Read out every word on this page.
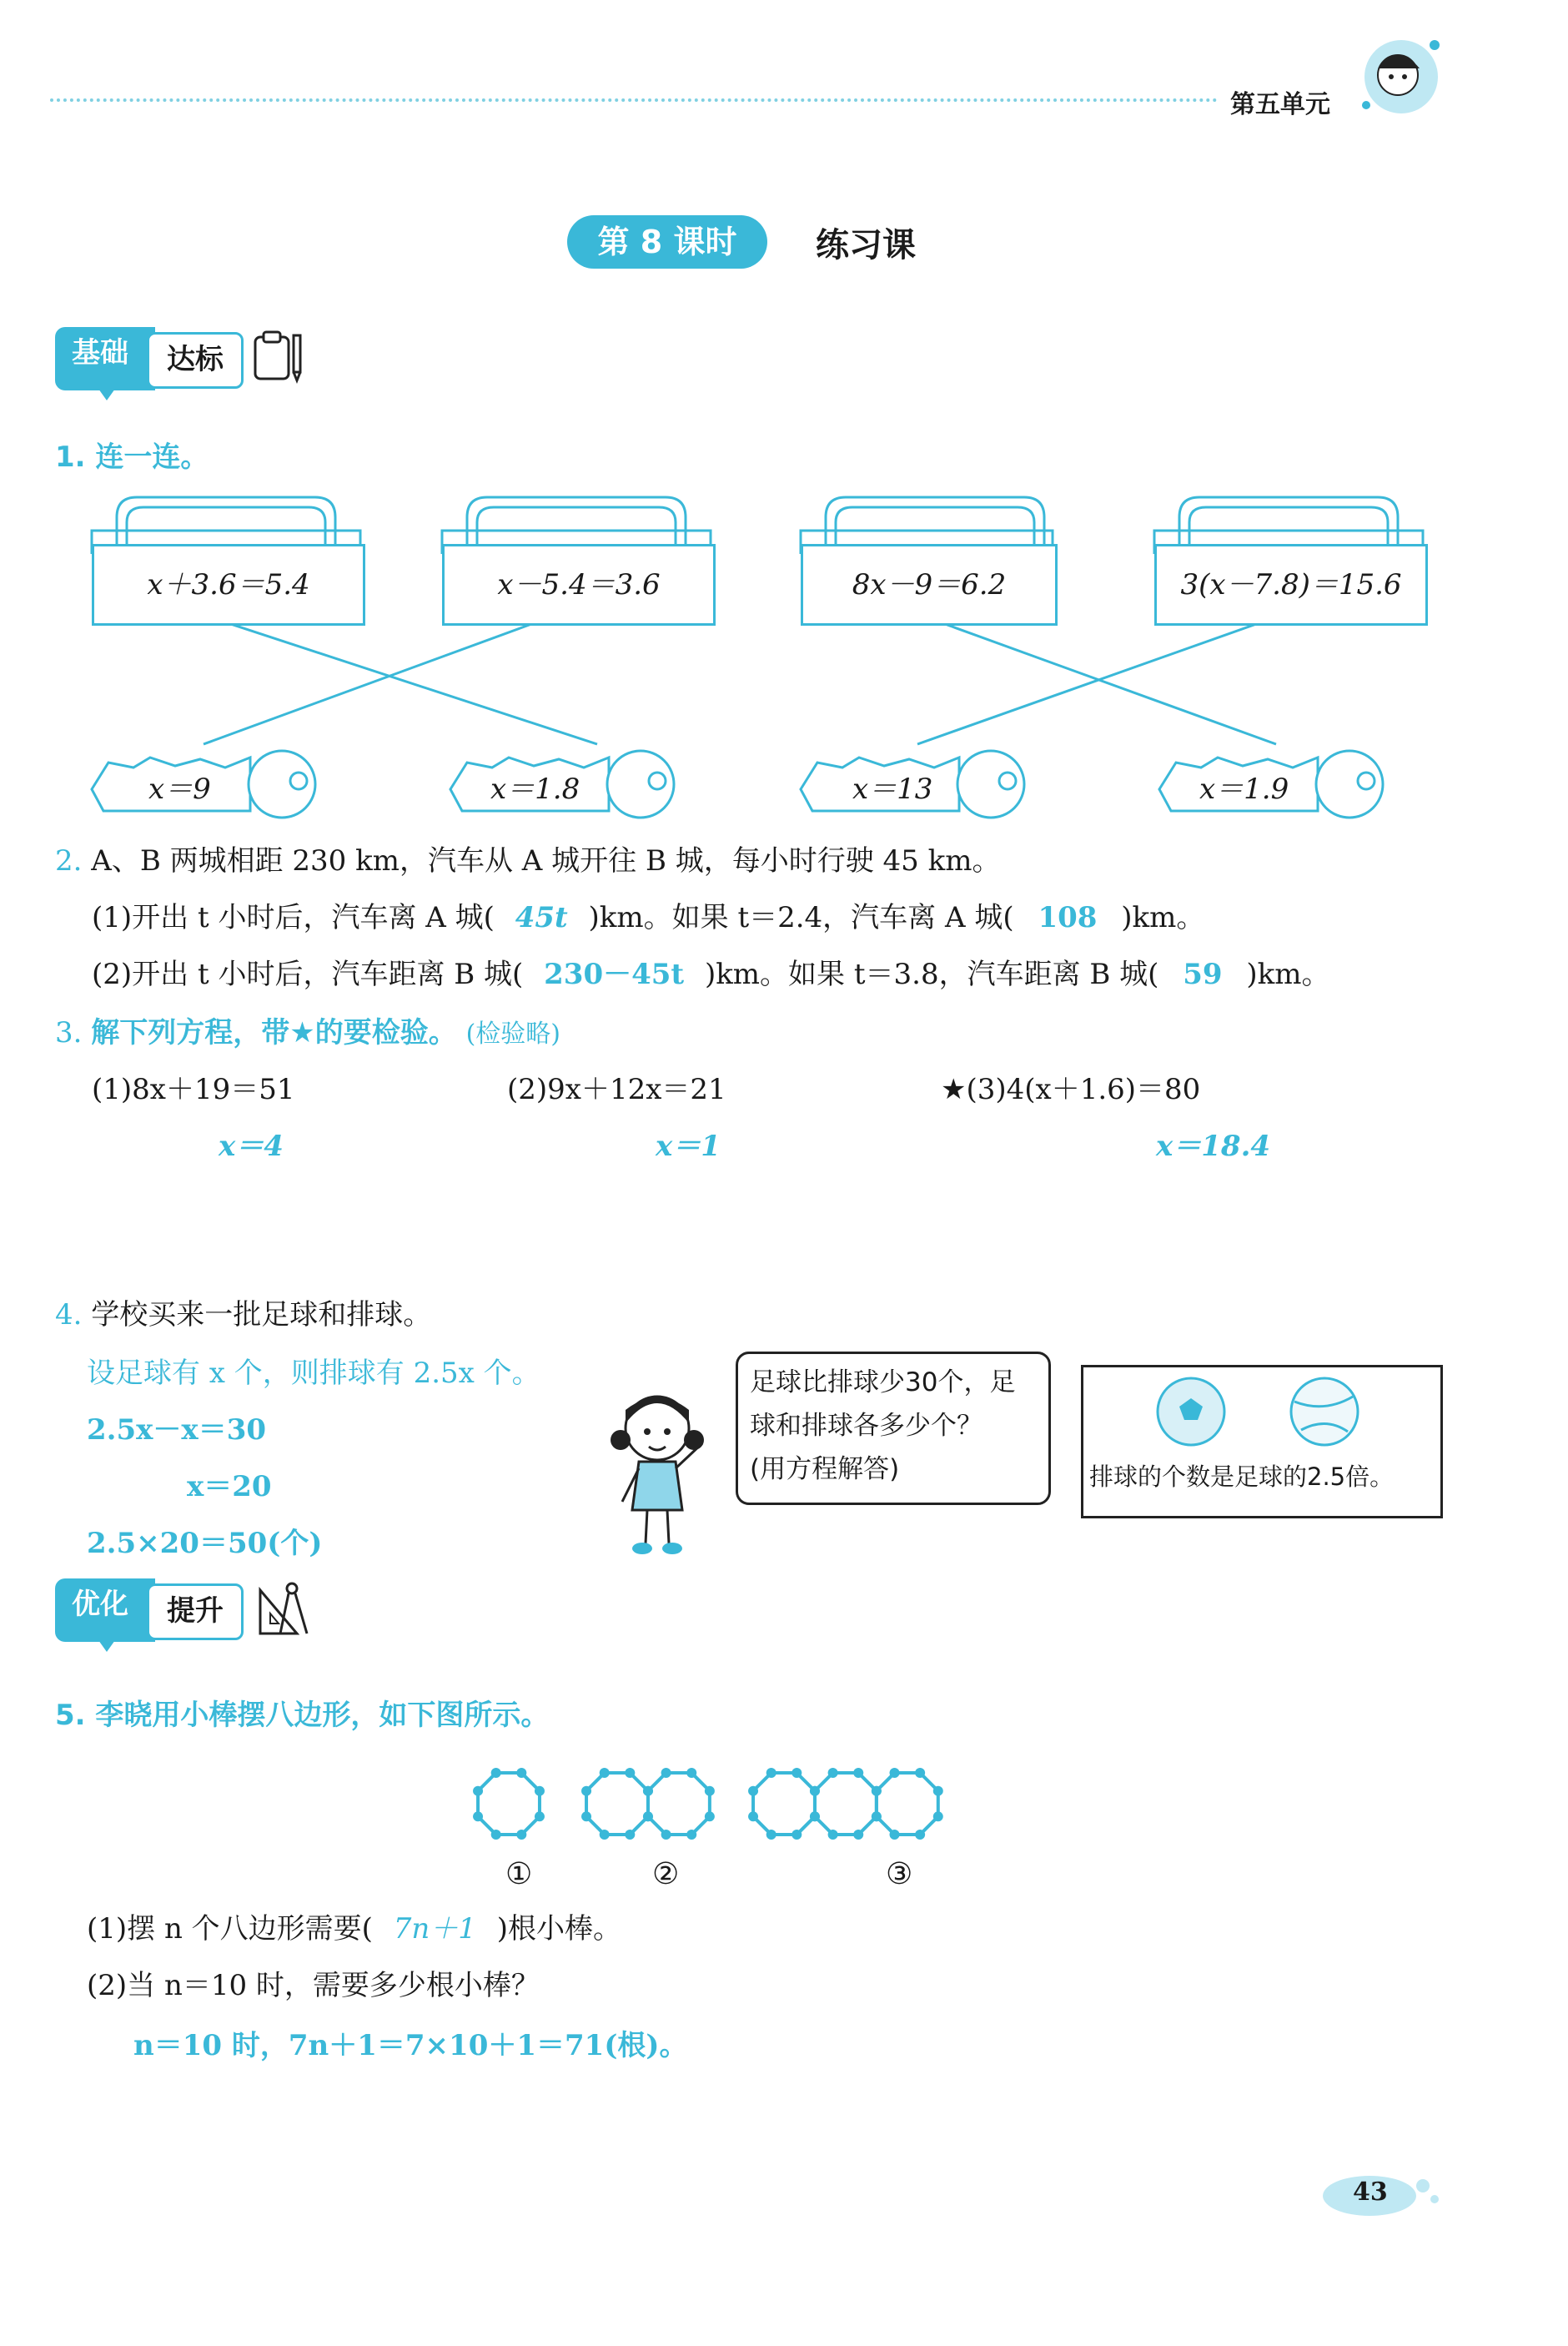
第五单元
第 8 课时	练习课
基础	达标
1. 连一连。
x＋3.6＝5.4	x－5.4＝3.6	8x－9＝6.2	3(x－7.8)＝15.6
x＝9	x＝1.8	x＝13	x＝1.9
2. A、B 两城相距 230 km，汽车从 A 城开往 B 城，每小时行驶 45 km。
(1)开出 t 小时后，汽车离 A 城( 45t )km。如果 t＝2.4，汽车离 A 城( 108 )km。
(2)开出 t 小时后，汽车距离 B 城( 230－45t )km。如果 t＝3.8，汽车距离 B 城( 59 )km。
3. 解下列方程，带★的要检验。 (检验略)
(1)8x＋19＝51	(2)9x＋12x＝21	★(3)4(x＋1.6)＝80
x＝4	x＝1	x＝18.4
4. 学校买来一批足球和排球。
设足球有 x 个，则排球有 2.5x 个。
2.5x－x＝30
x＝20
2.5×20＝50(个)
足球比排球少30个，足
球和排球各多少个？
(用方程解答)	排球的个数是足球的2.5倍。
优化	提升
5. 李晓用小棒摆八边形，如下图所示。
①	②	③
(1)摆 n 个八边形需要( 7n＋1 )根小棒。
(2)当 n＝10 时，需要多少根小棒？
n＝10 时，7n＋1＝7×10＋1＝71(根)。
43
